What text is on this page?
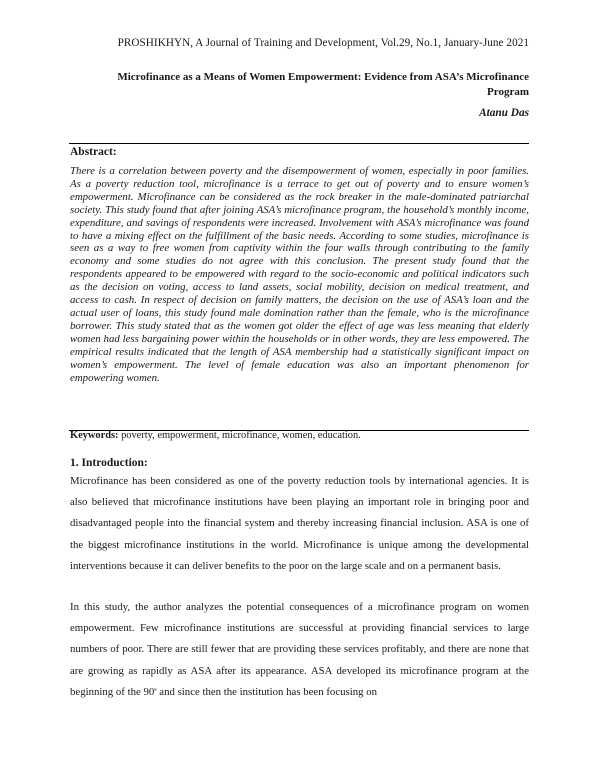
PROSHIKHYN, A Journal of Training and Development, Vol.29, No.1, January-June 2021
Microfinance as a Means of Women Empowerment: Evidence from ASA’s Microfinance Program
Atanu Das
Abstract:

There is a correlation between poverty and the disempowerment of women, especially in poor families. As a poverty reduction tool, microfinance is a terrace to get out of poverty and to ensure women’s empowerment. Microfinance can be considered as the rock breaker in the male-dominated patriarchal society. This study found that after joining ASA’s microfinance program, the household’s monthly income, expenditure, and savings of respondents were increased. Involvement with ASA’s microfinance was found to have a mixing effect on the fulfillment of the basic needs. According to some studies, microfinance is seen as a way to free women from captivity within the four walls through contributing to the family economy and some studies do not agree with this conclusion. The present study found that the respondents appeared to be empowered with regard to the socio-economic and political indicators such as the decision on voting, access to land assets, social mobility, decision on medical treatment, and access to cash. In respect of decision on family matters, the decision on the use of ASA’s loan and the actual user of loans, this study found male domination rather than the female, who is the microfinance borrower. This study stated that as the women got older the effect of age was less meaning that elderly women had less bargaining power within the households or in other words, they are less empowered. The empirical results indicated that the length of ASA membership had a statistically significant impact on women’s empowerment. The level of female education was also an important phenomenon for empowering women.

Keywords: poverty, empowerment, microfinance, women, education.
1. Introduction:

Microfinance has been considered as one of the poverty reduction tools by international agencies. It is also believed that microfinance institutions have been playing an important role in bringing poor and disadvantaged people into the financial system and thereby increasing financial inclusion. ASA is one of the biggest microfinance institutions in the world. Microfinance is unique among the developmental interventions because it can deliver benefits to the poor on the large scale and on a permanent basis.

In this study, the author analyzes the potential consequences of a microfinance program on women empowerment. Few microfinance institutions are successful at providing financial services to large numbers of poor. There are still fewer that are providing these services profitably, and there are none that are growing as rapidly as ASA after its appearance. ASA developed its microfinance program at the beginning of the 90$^s$ and since then the institution has been focusing on
